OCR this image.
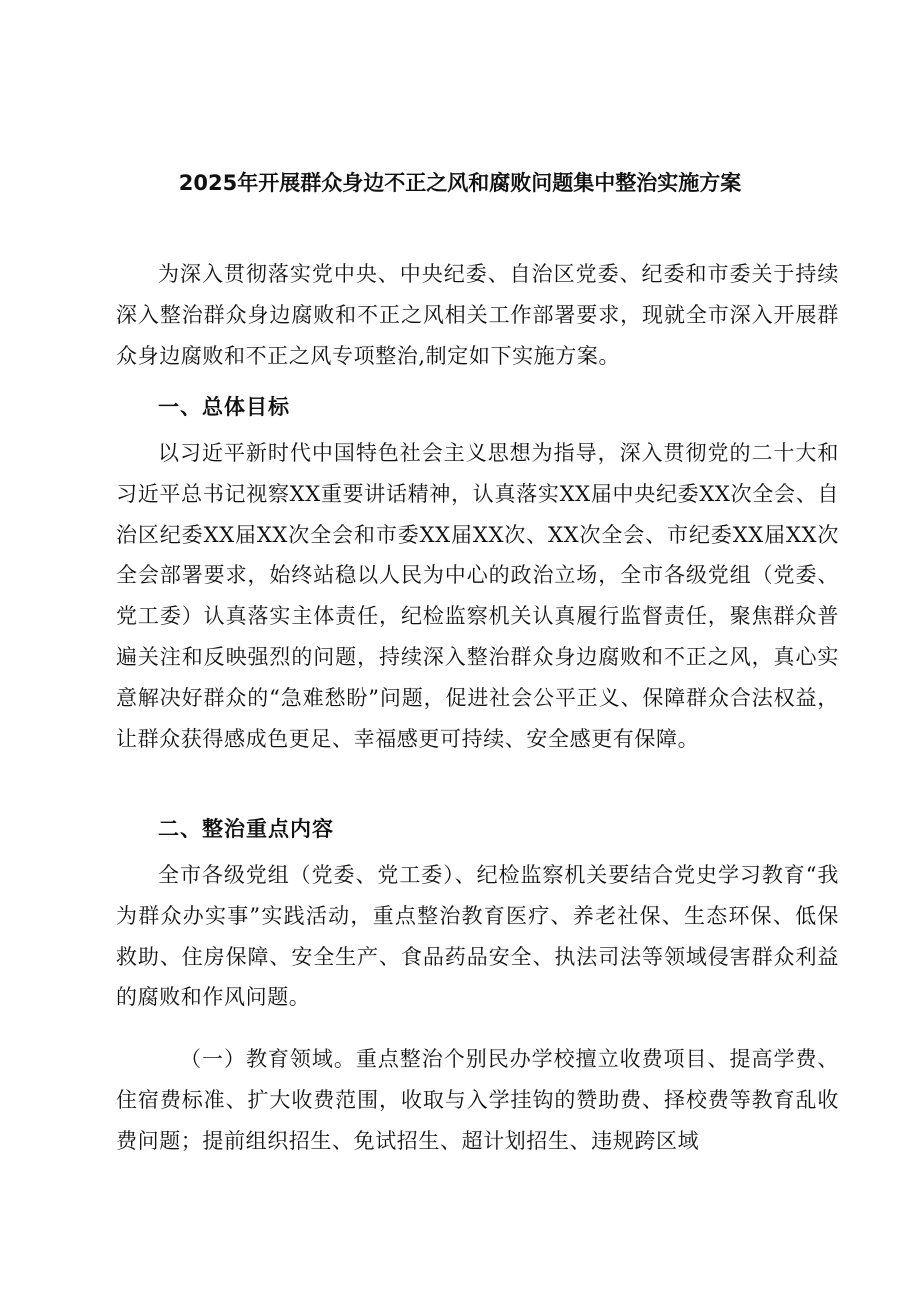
2025年开展群众身边不正之风和腐败问题集中整治实施方案

为深入贯彻落实党中央、中央纪委、自治区党委、纪委和市委关于持续深入整治群众身边腐败和不正之风相关工作部署要求，现就全市深入开展群众身边腐败和不正之风专项整治,制定如下实施方案。

一、总体目标

以习近平新时代中国特色社会主义思想为指导，深入贯彻党的二十大和习近平总书记视察XX重要讲话精神，认真落实XX届中央纪委XX次全会、自治区纪委XX届XX次全会和市委XX届XX次、XX次全会、市纪委XX届XX次全会部署要求，始终站稳以人民为中心的政治立场，全市各级党组（党委、党工委）认真落实主体责任，纪检监察机关认真履行监督责任，聚焦群众普遍关注和反映强烈的问题，持续深入整治群众身边腐败和不正之风，真心实意解决好群众的“急难愁盼”问题，促进社会公平正义、保障群众合法权益，让群众获得感成色更足、幸福感更可持续、安全感更有保障。

二、整治重点内容

全市各级党组（党委、党工委）、纪检监察机关要结合党史学习教育“我为群众办实事”实践活动，重点整治教育医疗、养老社保、生态环保、低保救助、住房保障、安全生产、食品药品安全、执法司法等领域侵害群众利益的腐败和作风问题。

（一）教育领域。重点整治个别民办学校擅立收费项目、提高学费、住宿费标准、扩大收费范围，收取与入学挂钩的赞助费、择校费等教育乱收费问题；提前组织招生、免试招生、超计划招生、违规跨区域
